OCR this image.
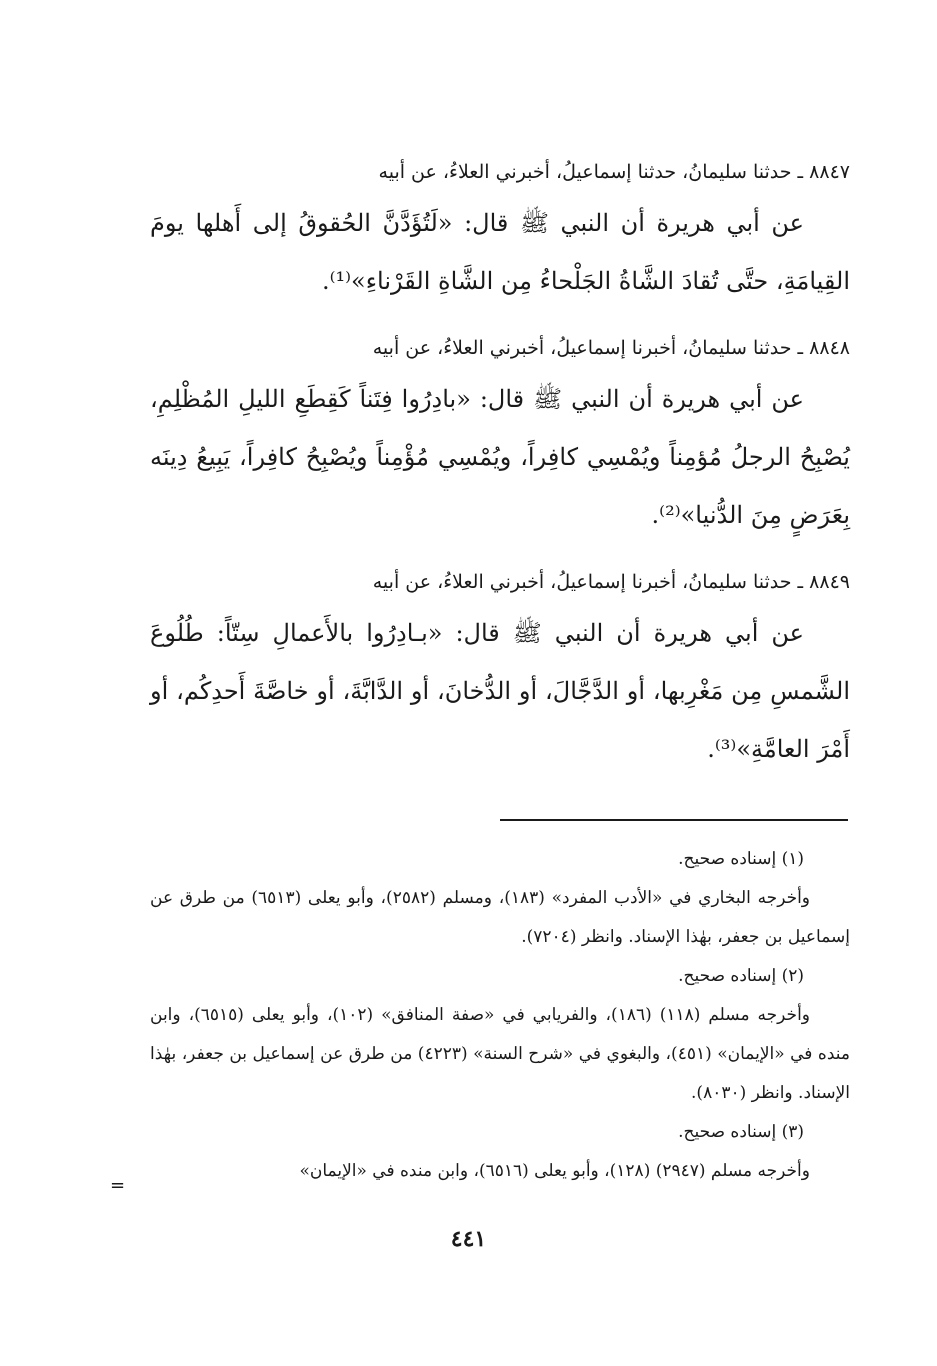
٨٨٤٧ ـ حدثنا سليمانُ، حدثنا إسماعيلُ، أخبرني العلاءُ، عن أبيه

عن أبي هريرة أن النبي ﷺ قال: «لَتُؤَدَّنَّ الحُقوقُ إلى أَهلها يومَ القِيامَةِ، حتَّى تُقادَ الشَّاةُ الجَلْحاءُ مِن الشَّاةِ القَرْناءِ»⁽¹⁾.

٨٨٤٨ ـ حدثنا سليمانُ، أخبرنا إسماعيلُ، أخبرني العلاءُ، عن أبيه

عن أبي هريرة أن النبي ﷺ قال: «بادِرُوا فِتَناً كَقِطَعِ الليلِ المُظْلِمِ، يُصْبِحُ الرجلُ مُؤمِناً ويُمْسِي كافِراً، ويُمْسِي مُؤْمِناً ويُصْبِحُ كافِراً، يَبِيعُ دِينَه بِعَرَضٍ مِنَ الدُّنيا»⁽²⁾.

٨٨٤٩ ـ حدثنا سليمانُ، أخبرنا إسماعيلُ، أخبرني العلاءُ، عن أبيه

عن أبي هريرة أن النبي ﷺ قال: «بـادِرُوا بالأَعمالِ سِتّاً: طُلُوعَ الشَّمسِ مِن مَغْرِبها، أو الدَّجَّالَ، أو الدُّخانَ، أو الدَّابَّةَ، أو خاصَّةَ أَحدِكُم، أو أَمْرَ العامَّةِ»⁽³⁾.

(١) إسناده صحيح.

وأخرجه البخاري في «الأدب المفرد» (١٨٣)، ومسلم (٢٥٨٢)، وأبو يعلى (٦٥١٣) من طرق عن إسماعيل بن جعفر، بهٰذا الإسناد. وانظر (٧٢٠٤).

(٢) إسناده صحيح.

وأخرجه مسلم (١١٨) (١٨٦)، والفريابي في «صفة المنافق» (١٠٢)، وأبو يعلى (٦٥١٥)، وابن منده في «الإيمان» (٤٥١)، والبغوي في «شرح السنة» (٤٢٢٣) من طرق عن إسماعيل بن جعفر، بهٰذا الإسناد. وانظر (٨٠٣٠).

(٣) إسناده صحيح.

وأخرجه مسلم (٢٩٤٧) (١٢٨)، وأبو يعلى (٦٥١٦)، وابن منده في «الإيمان»

=
٤٤١
